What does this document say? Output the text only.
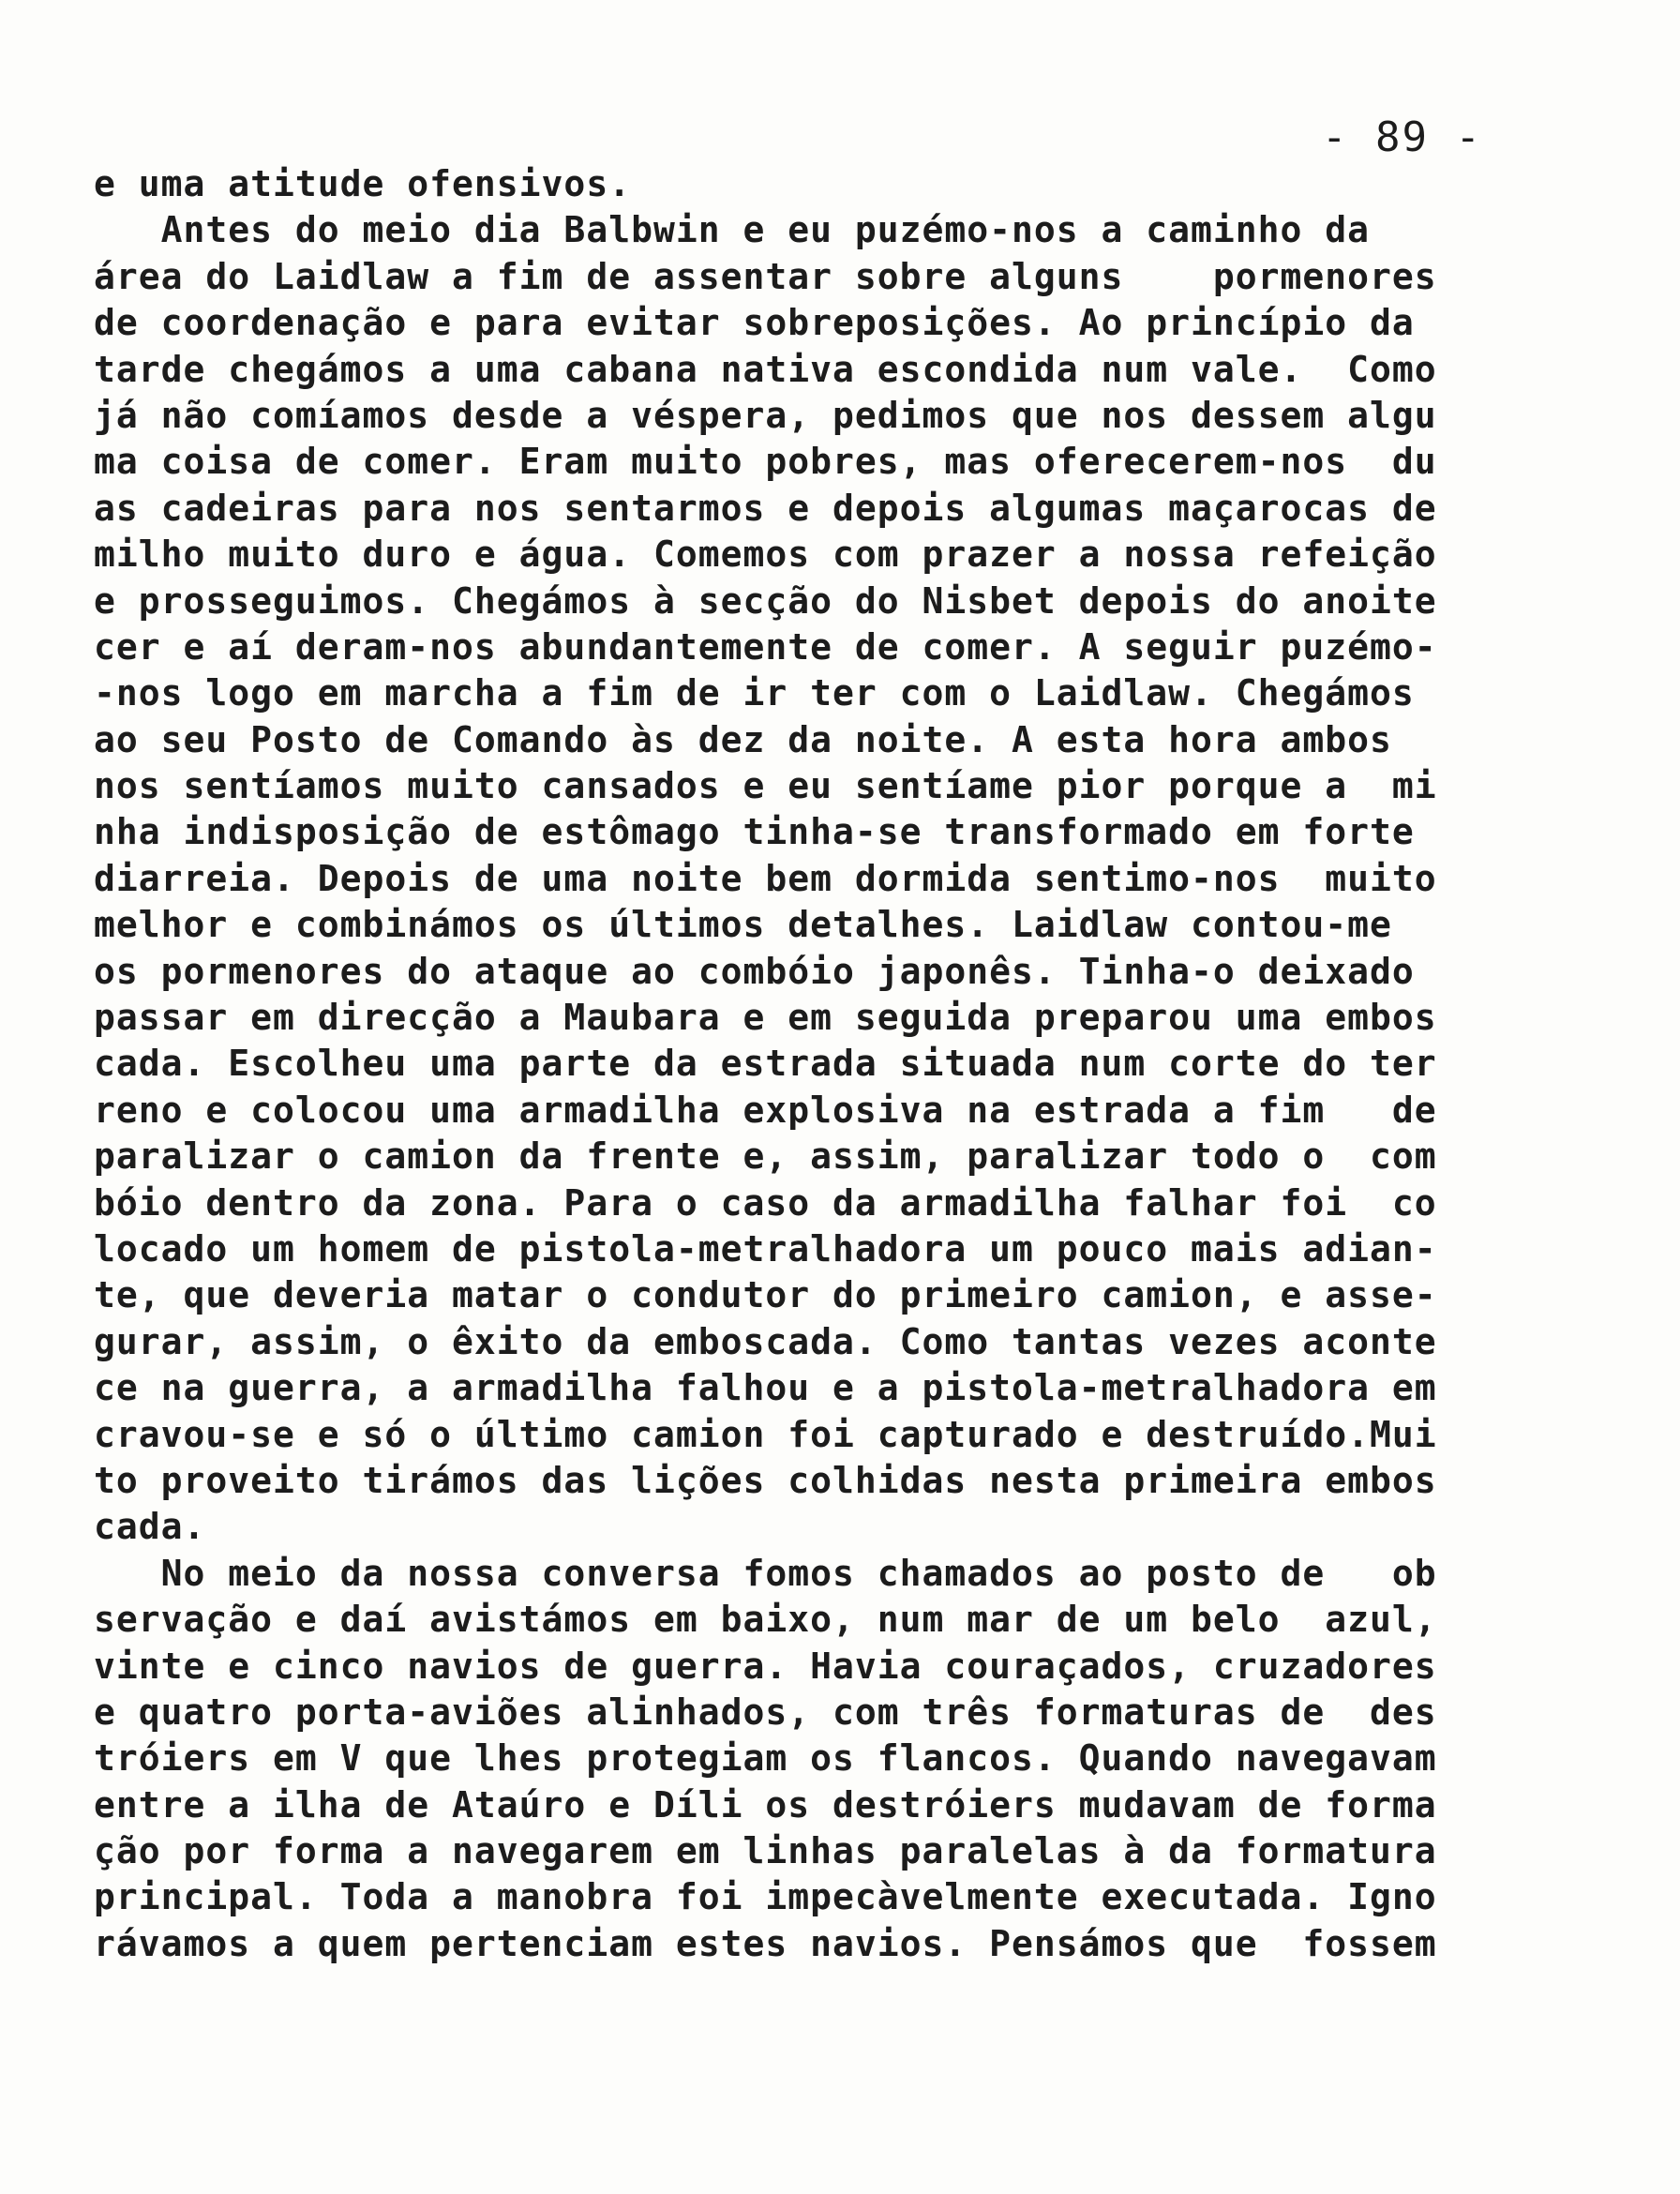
- 89 -
e uma atitude ofensivos.
Antes do meio dia Balbwin e eu puzémo-nos a caminho da
área do Laidlaw a fim de assentar sobre alguns    pormenores
de coordenação e para evitar sobreposições. Ao princípio da
tarde chegámos a uma cabana nativa escondida num vale.  Como
já não comíamos desde a véspera, pedimos que nos dessem algu
ma coisa de comer. Eram muito pobres, mas oferecerem-nos  du
as cadeiras para nos sentarmos e depois algumas maçarocas de
milho muito duro e água. Comemos com prazer a nossa refeição
e prosseguimos. Chegámos à secção do Nisbet depois do anoite
cer e aí deram-nos abundantemente de comer. A seguir puzémo-
-nos logo em marcha a fim de ir ter com o Laidlaw. Chegámos
ao seu Posto de Comando às dez da noite. A esta hora ambos
nos sentíamos muito cansados e eu sentíame pior porque a  mi
nha indisposição de estômago tinha-se transformado em forte
diarreia. Depois de uma noite bem dormida sentimo-nos  muito
melhor e combinámos os últimos detalhes. Laidlaw contou-me
os pormenores do ataque ao combóio japonês. Tinha-o deixado
passar em direcção a Maubara e em seguida preparou uma embos
cada. Escolheu uma parte da estrada situada num corte do ter
reno e colocou uma armadilha explosiva na estrada a fim   de
paralizar o camion da frente e, assim, paralizar todo o  com
bóio dentro da zona. Para o caso da armadilha falhar foi  co
locado um homem de pistola-metralhadora um pouco mais adian-
te, que deveria matar o condutor do primeiro camion, e asse-
gurar, assim, o êxito da emboscada. Como tantas vezes aconte
ce na guerra, a armadilha falhou e a pistola-metralhadora em
cravou-se e só o último camion foi capturado e destruído.Mui
to proveito tirámos das lições colhidas nesta primeira embos
cada.
No meio da nossa conversa fomos chamados ao posto de   ob
servação e daí avistámos em baixo, num mar de um belo  azul,
vinte e cinco navios de guerra. Havia couraçados, cruzadores
e quatro porta-aviões alinhados, com três formaturas de  des
tróiers em V que lhes protegiam os flancos. Quando navegavam
entre a ilha de Ataúro e Díli os destróiers mudavam de forma
ção por forma a navegarem em linhas paralelas à da formatura
principal. Toda a manobra foi impecàvelmente executada. Igno
rávamos a quem pertenciam estes navios. Pensámos que  fossem
